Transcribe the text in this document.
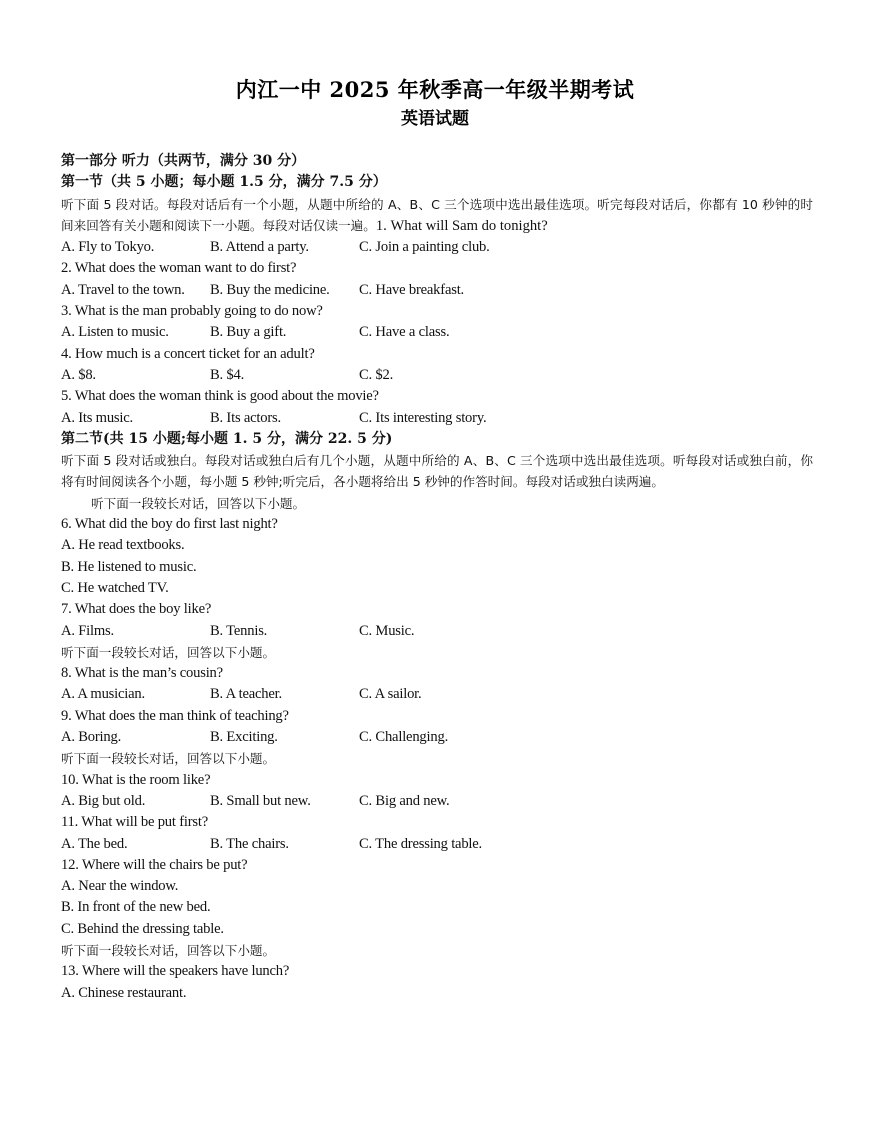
内江一中 2025 年秋季高一年级半期考试
英语试题
第一部分 听力（共两节，满分 30 分）
第一节（共 5 小题；每小题 1.5 分，满分 7.5 分）
听下面 5 段对话。每段对话后有一个小题，从题中所给的 A、B、C 三个选项中选出最佳选项。听完每段对话后，你都有 10 秒钟的时间来回答有关小题和阅读下一小题。每段对话仅读一遍。1. What will Sam do tonight?
A. Fly to Tokyo.	B. Attend a party.	C. Join a painting club.
2. What does the woman want to do first?
A. Travel to the town. B. Buy the medicine. C. Have breakfast.
3. What is the man probably going to do now?
A. Listen to music.	B. Buy a gift.	C. Have a class.
4. How much is a concert ticket for an adult?
A. $8.	B. $4.	C. $2.
5. What does the woman think is good about the movie?
A. Its music.	B. Its actors.	C. Its interesting story.
第二节(共 15 小题;每小题 1. 5 分，满分 22. 5 分)
听下面 5 段对话或独白。每段对话或独白后有几个小题，从题中所给的 A、B、C 三个选项中选出最佳选项。听每段对话或独白前，你将有时间阅读各个小题，每小题 5 秒钟;听完后，各小题将给出 5 秒钟的作答时间。每段对话或独白读两遍。
听下面一段较长对话，回答以下小题。
6. What did the boy do first last night?
A. He read textbooks.
B. He listened to music.
C. He watched TV.
7. What does the boy like?
A. Films.	B. Tennis.	C. Music.
听下面一段较长对话，回答以下小题。
8. What is the man’s cousin?
A. A musician.	B. A teacher.	C. A sailor.
9. What does the man think of teaching?
A. Boring.	B. Exciting.	C. Challenging.
听下面一段较长对话，回答以下小题。
10. What is the room like?
A. Big but old.	B. Small but new.	C. Big and new.
11. What will be put first?
A. The bed.	B. The chairs.	C. The dressing table.
12. Where will the chairs be put?
A. Near the window.
B. In front of the new bed.
C. Behind the dressing table.
听下面一段较长对话，回答以下小题。
13. Where will the speakers have lunch?
A. Chinese restaurant.
